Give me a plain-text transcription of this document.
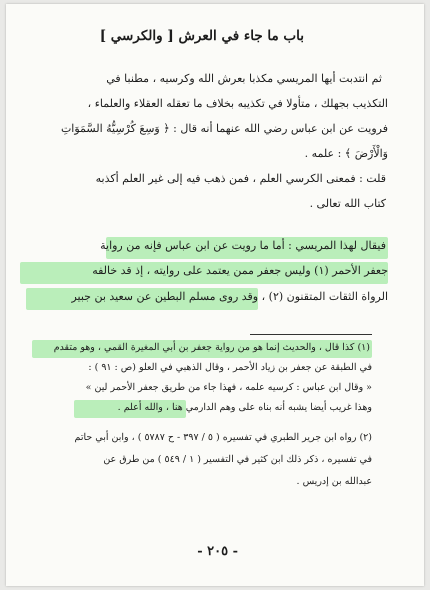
باب ما جاء في العرش [ والكرسي ]
ثم انتدبت أيها المريسي مكذبا بعرش الله وكرسيه ، مطنبا في
التكذيب بجهلك ، متأولا في تكذيبه بخلاف ما تعقله العقلاء والعلماء ،
فرويت عن ابن عباس رضي الله عنهما أنه قال : ﴿ وَسِعَ كُرْسِيُّهُ السَّمَوَاتِ
وَالْأَرْضَ ﴾ : علمه .
قلت : فمعنى الكرسي العلم ، فمن ذهب فيه إلى غير العلم أكذبه
كتاب الله تعالى .
فيقال لهذا المريسي : أما ما رويت عن ابن عباس فإنه من رواية
جعفر الأحمر (١) وليس جعفر ممن يعتمد على روايته ، إذ قد خالفه
الرواة الثقات المتقنون (٢) ، وقد روى مسلم البطين عن سعيد بن جبير
(١) كذا قال ، والحديث إنما هو من رواية جعفر بن أبي المغيرة القمي ، وهو متقدم
في الطبقة عن جعفر بن زياد الأحمر ، وقال الذهبي في العلو (ص : ٩١ ) :
« وقال ابن عباس : كرسيه علمه ، فهذا جاء من طريق جعفر الأحمر لين »
وهذا غريب أيضا يشبه أنه بناه على وهم الدارمي هنا ، والله أعلم .
(٢) رواه ابن جرير الطبري في تفسيره ( ٥ / ٣٩٧ - ح ٥٧٨٧ ) ، وابن أبي حاتم
في تفسيره ، ذكر ذلك ابن كثير في التفسير ( ١ / ٥٤٩ ) من طرق عن
عبدالله بن إدريس .
- ٢٠٥ -
